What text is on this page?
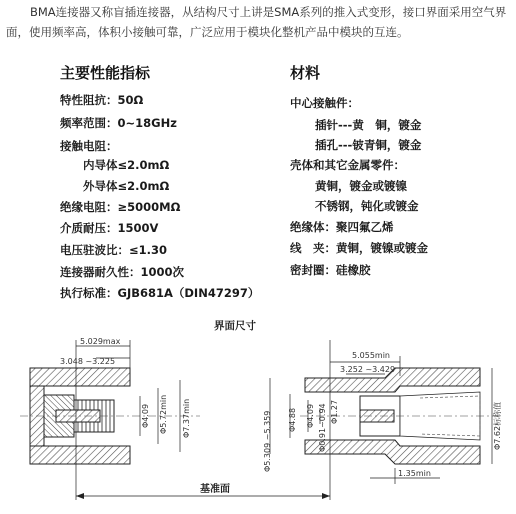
BMA连接器又称盲插连接器，从结构尺寸上讲是SMA系列的推入式变形，接口界面采用空气界面，使用频率高，体积小接触可靠，广泛应用于模块化整机产品中模块的互连。
主要性能指标	材料
特性阻抗：50Ω
频率范围：0~18GHz
接触电阻：
内导体≤2.0mΩ
外导体≤2.0mΩ
绝缘电阻：≥5000MΩ
介质耐压：1500V
电压驻波比：≤1.30
连接器耐久性：1000次
执行标准：GJB681A（DIN47297）
中心接触件：
插针---黄　铜，镀金
插孔---铍青铜，镀金
壳体和其它金属零件：
黄铜，镀金或镀镍
不锈钢，钝化或镀金
绝缘体：聚四氟乙烯
线　夹：黄铜，镀镍或镀金
密封圈：硅橡胶
界面尺寸
5.029max
3.048 ~3.225
Φ4.09 Φ5.72min Φ7.37min
5.055min
3.252 ~3.429
Φ5.309 ~5.359 Φ4.88 Φ4.09 Φ0.91~0.94 Φ1.27	Φ7.62标称值
1.35min
基准面
